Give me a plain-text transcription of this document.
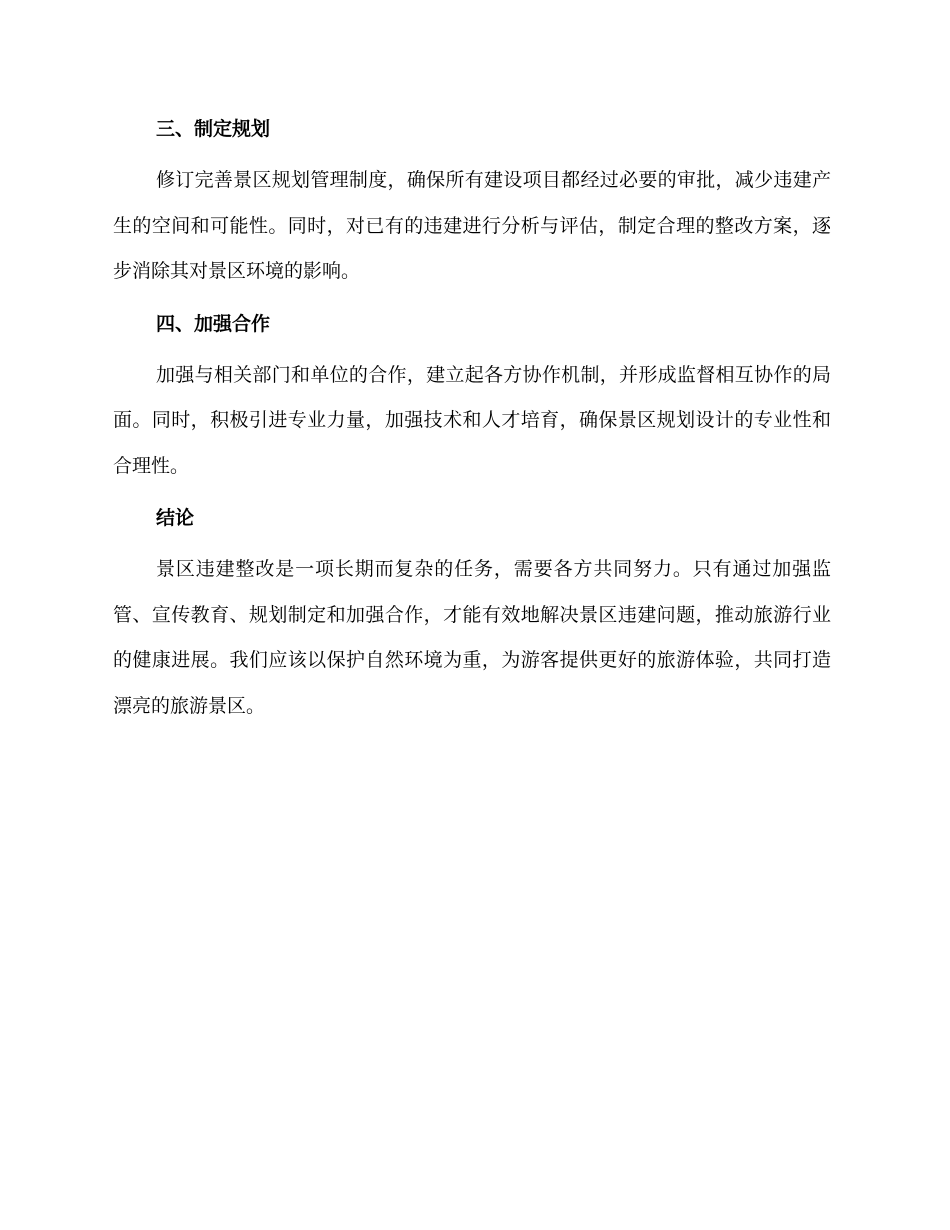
三、制定规划

修订完善景区规划管理制度，确保所有建设项目都经过必要的审批，减少违建产生的空间和可能性。同时，对已有的违建进行分析与评估，制定合理的整改方案，逐步消除其对景区环境的影响。

四、加强合作

加强与相关部门和单位的合作，建立起各方协作机制，并形成监督相互协作的局面。同时，积极引进专业力量，加强技术和人才培育，确保景区规划设计的专业性和合理性。

结论

景区违建整改是一项长期而复杂的任务，需要各方共同努力。只有通过加强监管、宣传教育、规划制定和加强合作，才能有效地解决景区违建问题，推动旅游行业的健康进展。我们应该以保护自然环境为重，为游客提供更好的旅游体验，共同打造漂亮的旅游景区。
